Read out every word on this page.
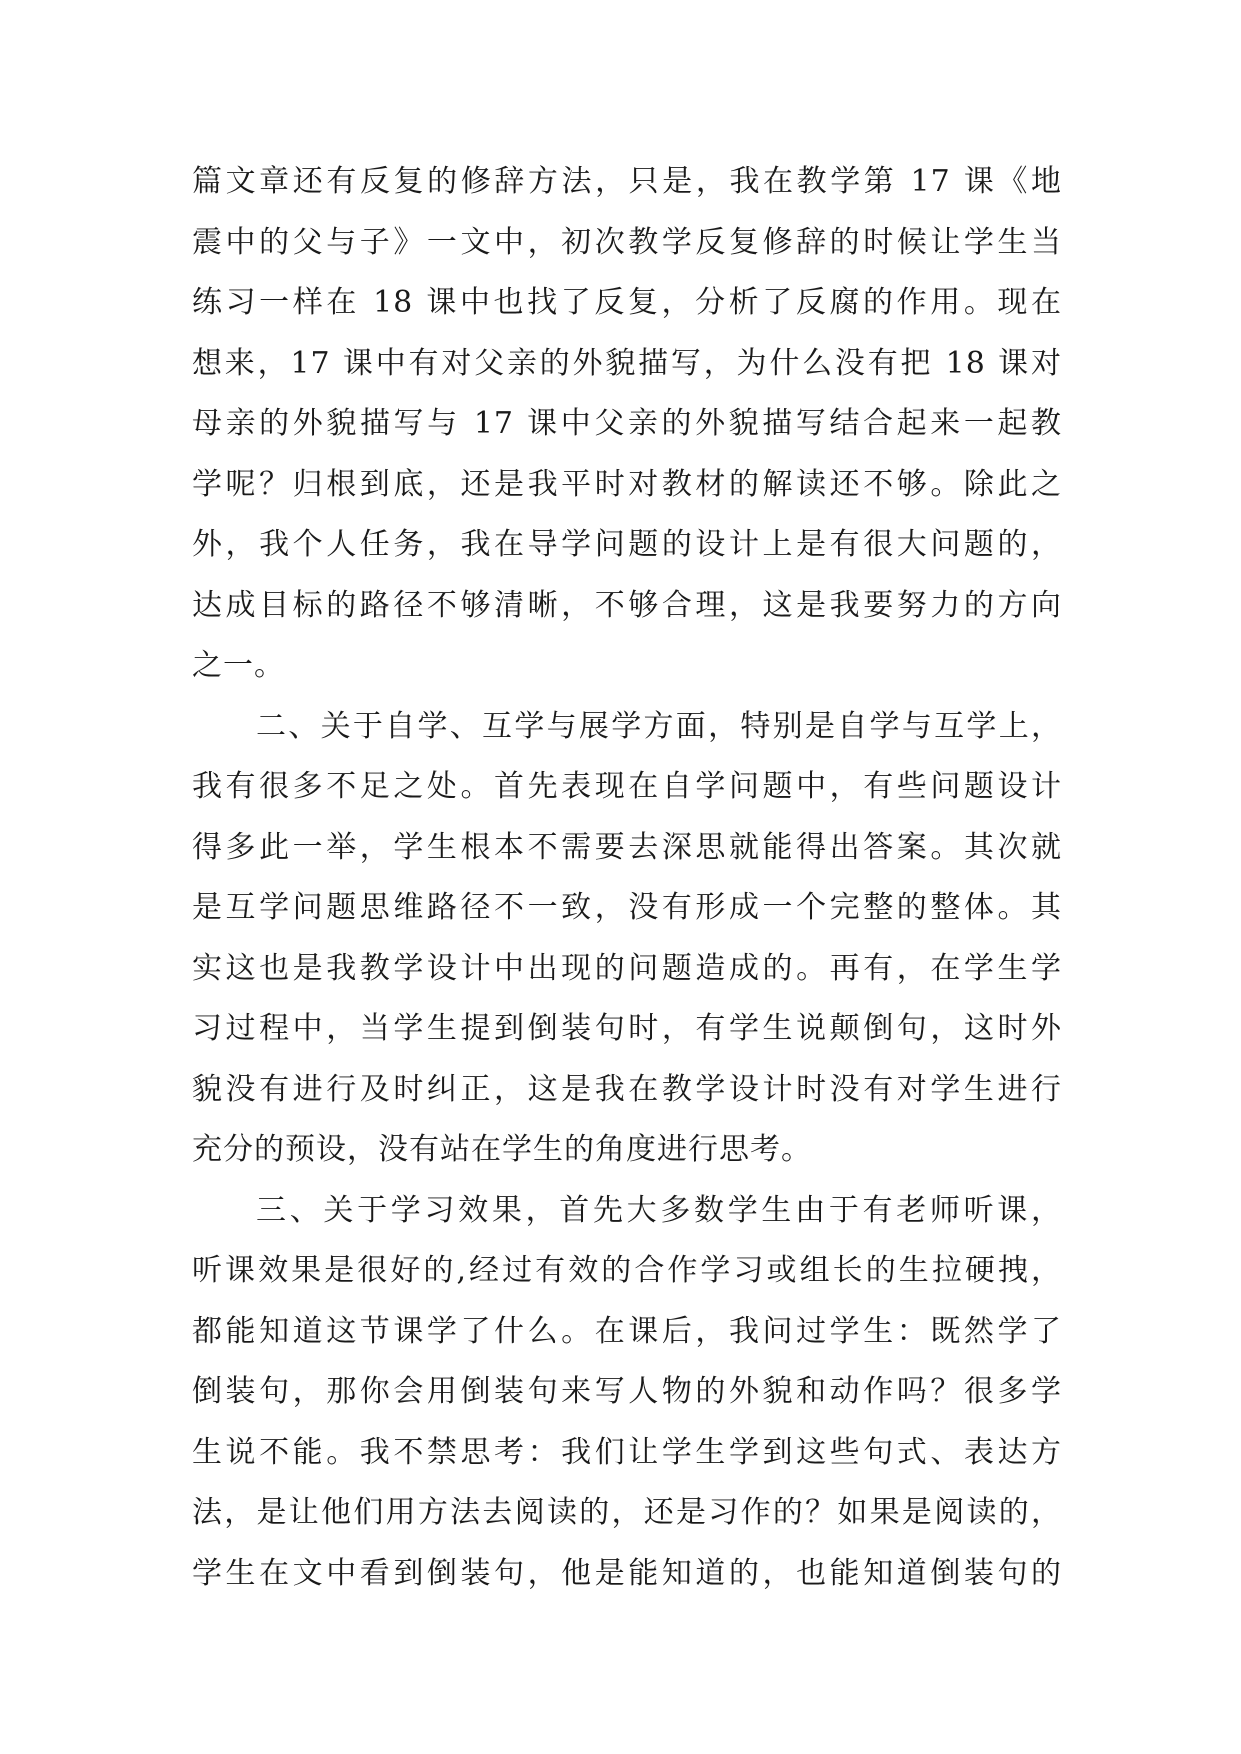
篇文章还有反复的修辞方法，只是，我在教学第 17 课《地
震中的父与子》一文中，初次教学反复修辞的时候让学生当
练习一样在 18 课中也找了反复，分析了反腐的作用。现在
想来，17 课中有对父亲的外貌描写，为什么没有把 18 课对
母亲的外貌描写与 17 课中父亲的外貌描写结合起来一起教
学呢？归根到底，还是我平时对教材的解读还不够。除此之
外，我个人任务，我在导学问题的设计上是有很大问题的，
达成目标的路径不够清晰，不够合理，这是我要努力的方向
之一。
二、关于自学、互学与展学方面，特别是自学与互学上，
我有很多不足之处。首先表现在自学问题中，有些问题设计
得多此一举，学生根本不需要去深思就能得出答案。其次就
是互学问题思维路径不一致，没有形成一个完整的整体。其
实这也是我教学设计中出现的问题造成的。再有，在学生学
习过程中，当学生提到倒装句时，有学生说颠倒句，这时外
貌没有进行及时纠正，这是我在教学设计时没有对学生进行
充分的预设，没有站在学生的角度进行思考。
三、关于学习效果，首先大多数学生由于有老师听课，
听课效果是很好的,经过有效的合作学习或组长的生拉硬拽，
都能知道这节课学了什么。在课后，我问过学生：既然学了
倒装句，那你会用倒装句来写人物的外貌和动作吗？很多学
生说不能。我不禁思考：我们让学生学到这些句式、表达方
法，是让他们用方法去阅读的，还是习作的？如果是阅读的，
学生在文中看到倒装句，他是能知道的，也能知道倒装句的
